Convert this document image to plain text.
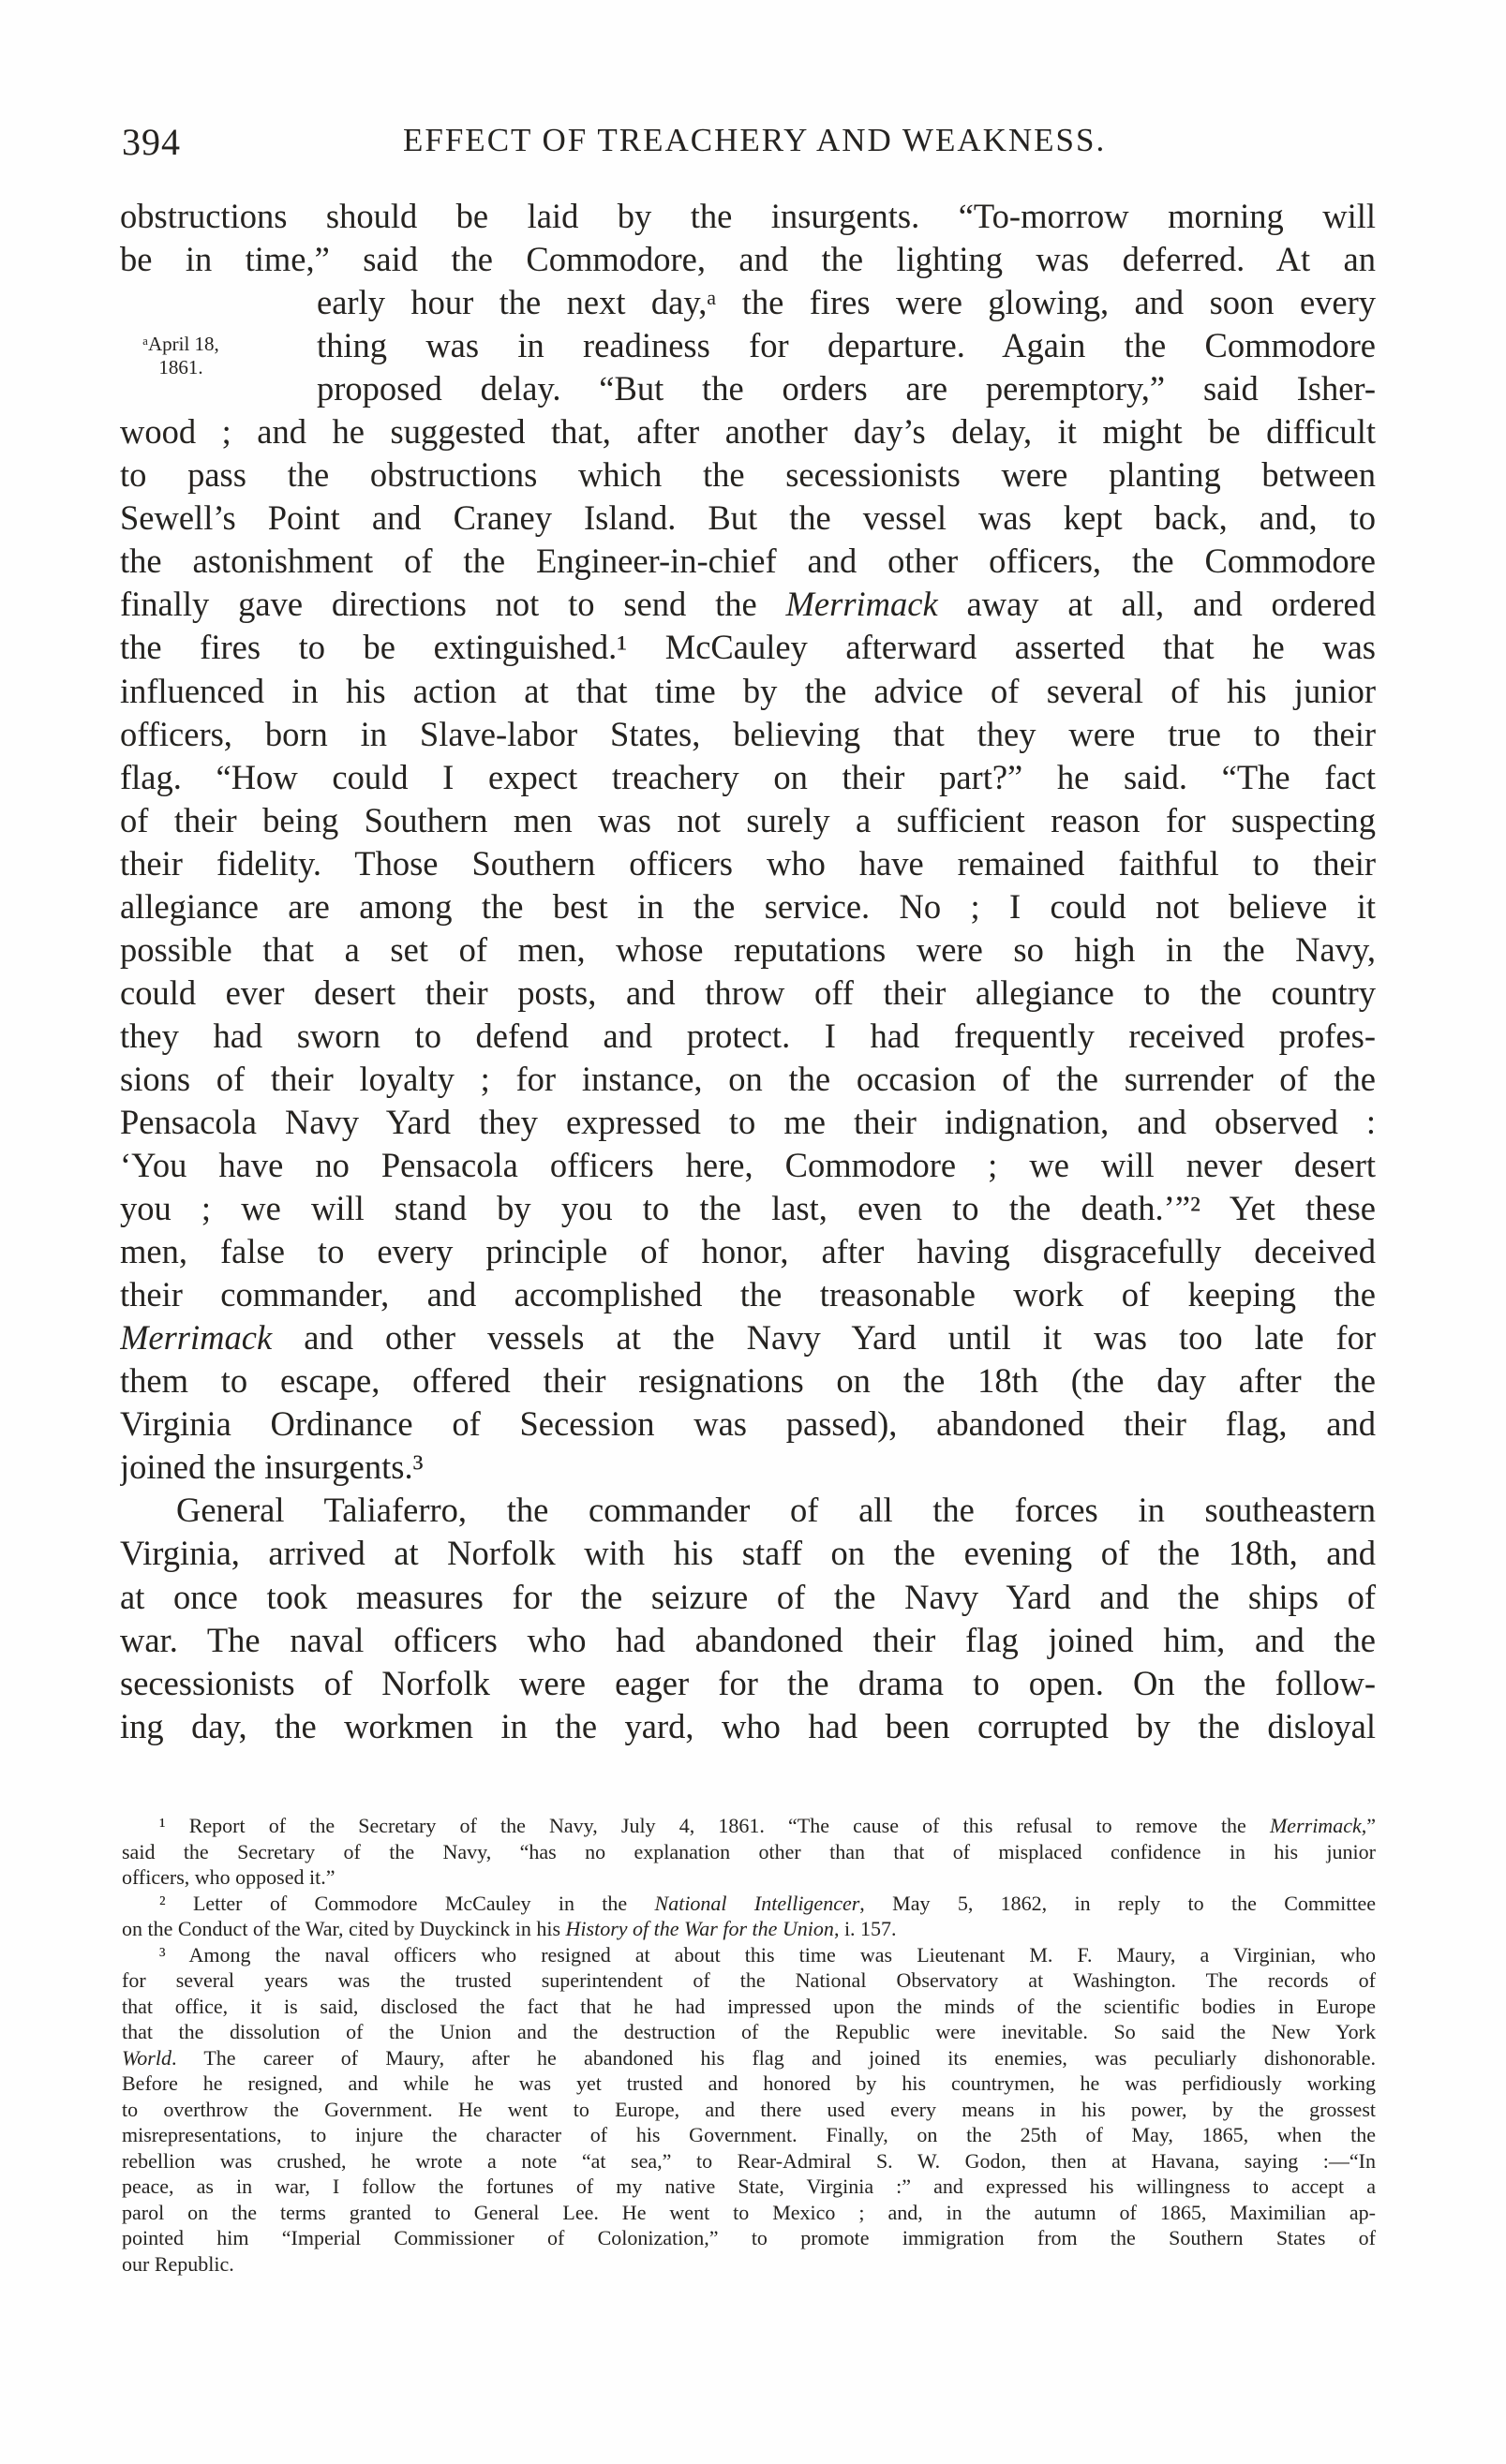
394	EFFECT OF TREACHERY AND WEAKNESS.
ᵃApril 18,
1861.
obstructions should be laid by the insurgents. “To-morrow morning will
be in time,” said the Commodore, and the lighting was deferred. At an
early hour the next day,ᵃ the fires were glowing, and soon every
thing was in readiness for departure. Again the Commodore
proposed delay. “But the orders are peremptory,” said Isher-
wood ; and he suggested that, after another day’s delay, it might be difficult
to pass the obstructions which the secessionists were planting between
Sewell’s Point and Craney Island. But the vessel was kept back, and, to
the astonishment of the Engineer-in-chief and other officers, the Commodore
finally gave directions not to send the Merrimack away at all, and ordered
the fires to be extinguished.¹ McCauley afterward asserted that he was
influenced in his action at that time by the advice of several of his junior
officers, born in Slave-labor States, believing that they were true to their
flag. “How could I expect treachery on their part?” he said. “The fact
of their being Southern men was not surely a sufficient reason for suspecting
their fidelity. Those Southern officers who have remained faithful to their
allegiance are among the best in the service. No ; I could not believe it
possible that a set of men, whose reputations were so high in the Navy,
could ever desert their posts, and throw off their allegiance to the country
they had sworn to defend and protect. I had frequently received profes-
sions of their loyalty ; for instance, on the occasion of the surrender of the
Pensacola Navy Yard they expressed to me their indignation, and observed :
‘You have no Pensacola officers here, Commodore ; we will never desert
you ; we will stand by you to the last, even to the death.’”² Yet these
men, false to every principle of honor, after having disgracefully deceived
their commander, and accomplished the treasonable work of keeping the
Merrimack and other vessels at the Navy Yard until it was too late for
them to escape, offered their resignations on the 18th (the day after the
Virginia Ordinance of Secession was passed), abandoned their flag, and
joined the insurgents.³
General Taliaferro, the commander of all the forces in southeastern
Virginia, arrived at Norfolk with his staff on the evening of the 18th, and
at once took measures for the seizure of the Navy Yard and the ships of
war. The naval officers who had abandoned their flag joined him, and the
secessionists of Norfolk were eager for the drama to open. On the follow-
ing day, the workmen in the yard, who had been corrupted by the disloyal
¹ Report of the Secretary of the Navy, July 4, 1861. “The cause of this refusal to remove the Merrimack,”
said the Secretary of the Navy, “has no explanation other than that of misplaced confidence in his junior
officers, who opposed it.”
² Letter of Commodore McCauley in the National Intelligencer, May 5, 1862, in reply to the Committee
on the Conduct of the War, cited by Duyckinck in his History of the War for the Union, i. 157.
³ Among the naval officers who resigned at about this time was Lieutenant M. F. Maury, a Virginian, who
for several years was the trusted superintendent of the National Observatory at Washington. The records of
that office, it is said, disclosed the fact that he had impressed upon the minds of the scientific bodies in Europe
that the dissolution of the Union and the destruction of the Republic were inevitable. So said the New York
World. The career of Maury, after he abandoned his flag and joined its enemies, was peculiarly dishonorable.
Before he resigned, and while he was yet trusted and honored by his countrymen, he was perfidiously working
to overthrow the Government. He went to Europe, and there used every means in his power, by the grossest
misrepresentations, to injure the character of his Government. Finally, on the 25th of May, 1865, when the
rebellion was crushed, he wrote a note “at sea,” to Rear-Admiral S. W. Godon, then at Havana, saying :—“In
peace, as in war, I follow the fortunes of my native State, Virginia :” and expressed his willingness to accept a
parol on the terms granted to General Lee. He went to Mexico ; and, in the autumn of 1865, Maximilian ap-
pointed him “Imperial Commissioner of Colonization,” to promote immigration from the Southern States of
our Republic.
